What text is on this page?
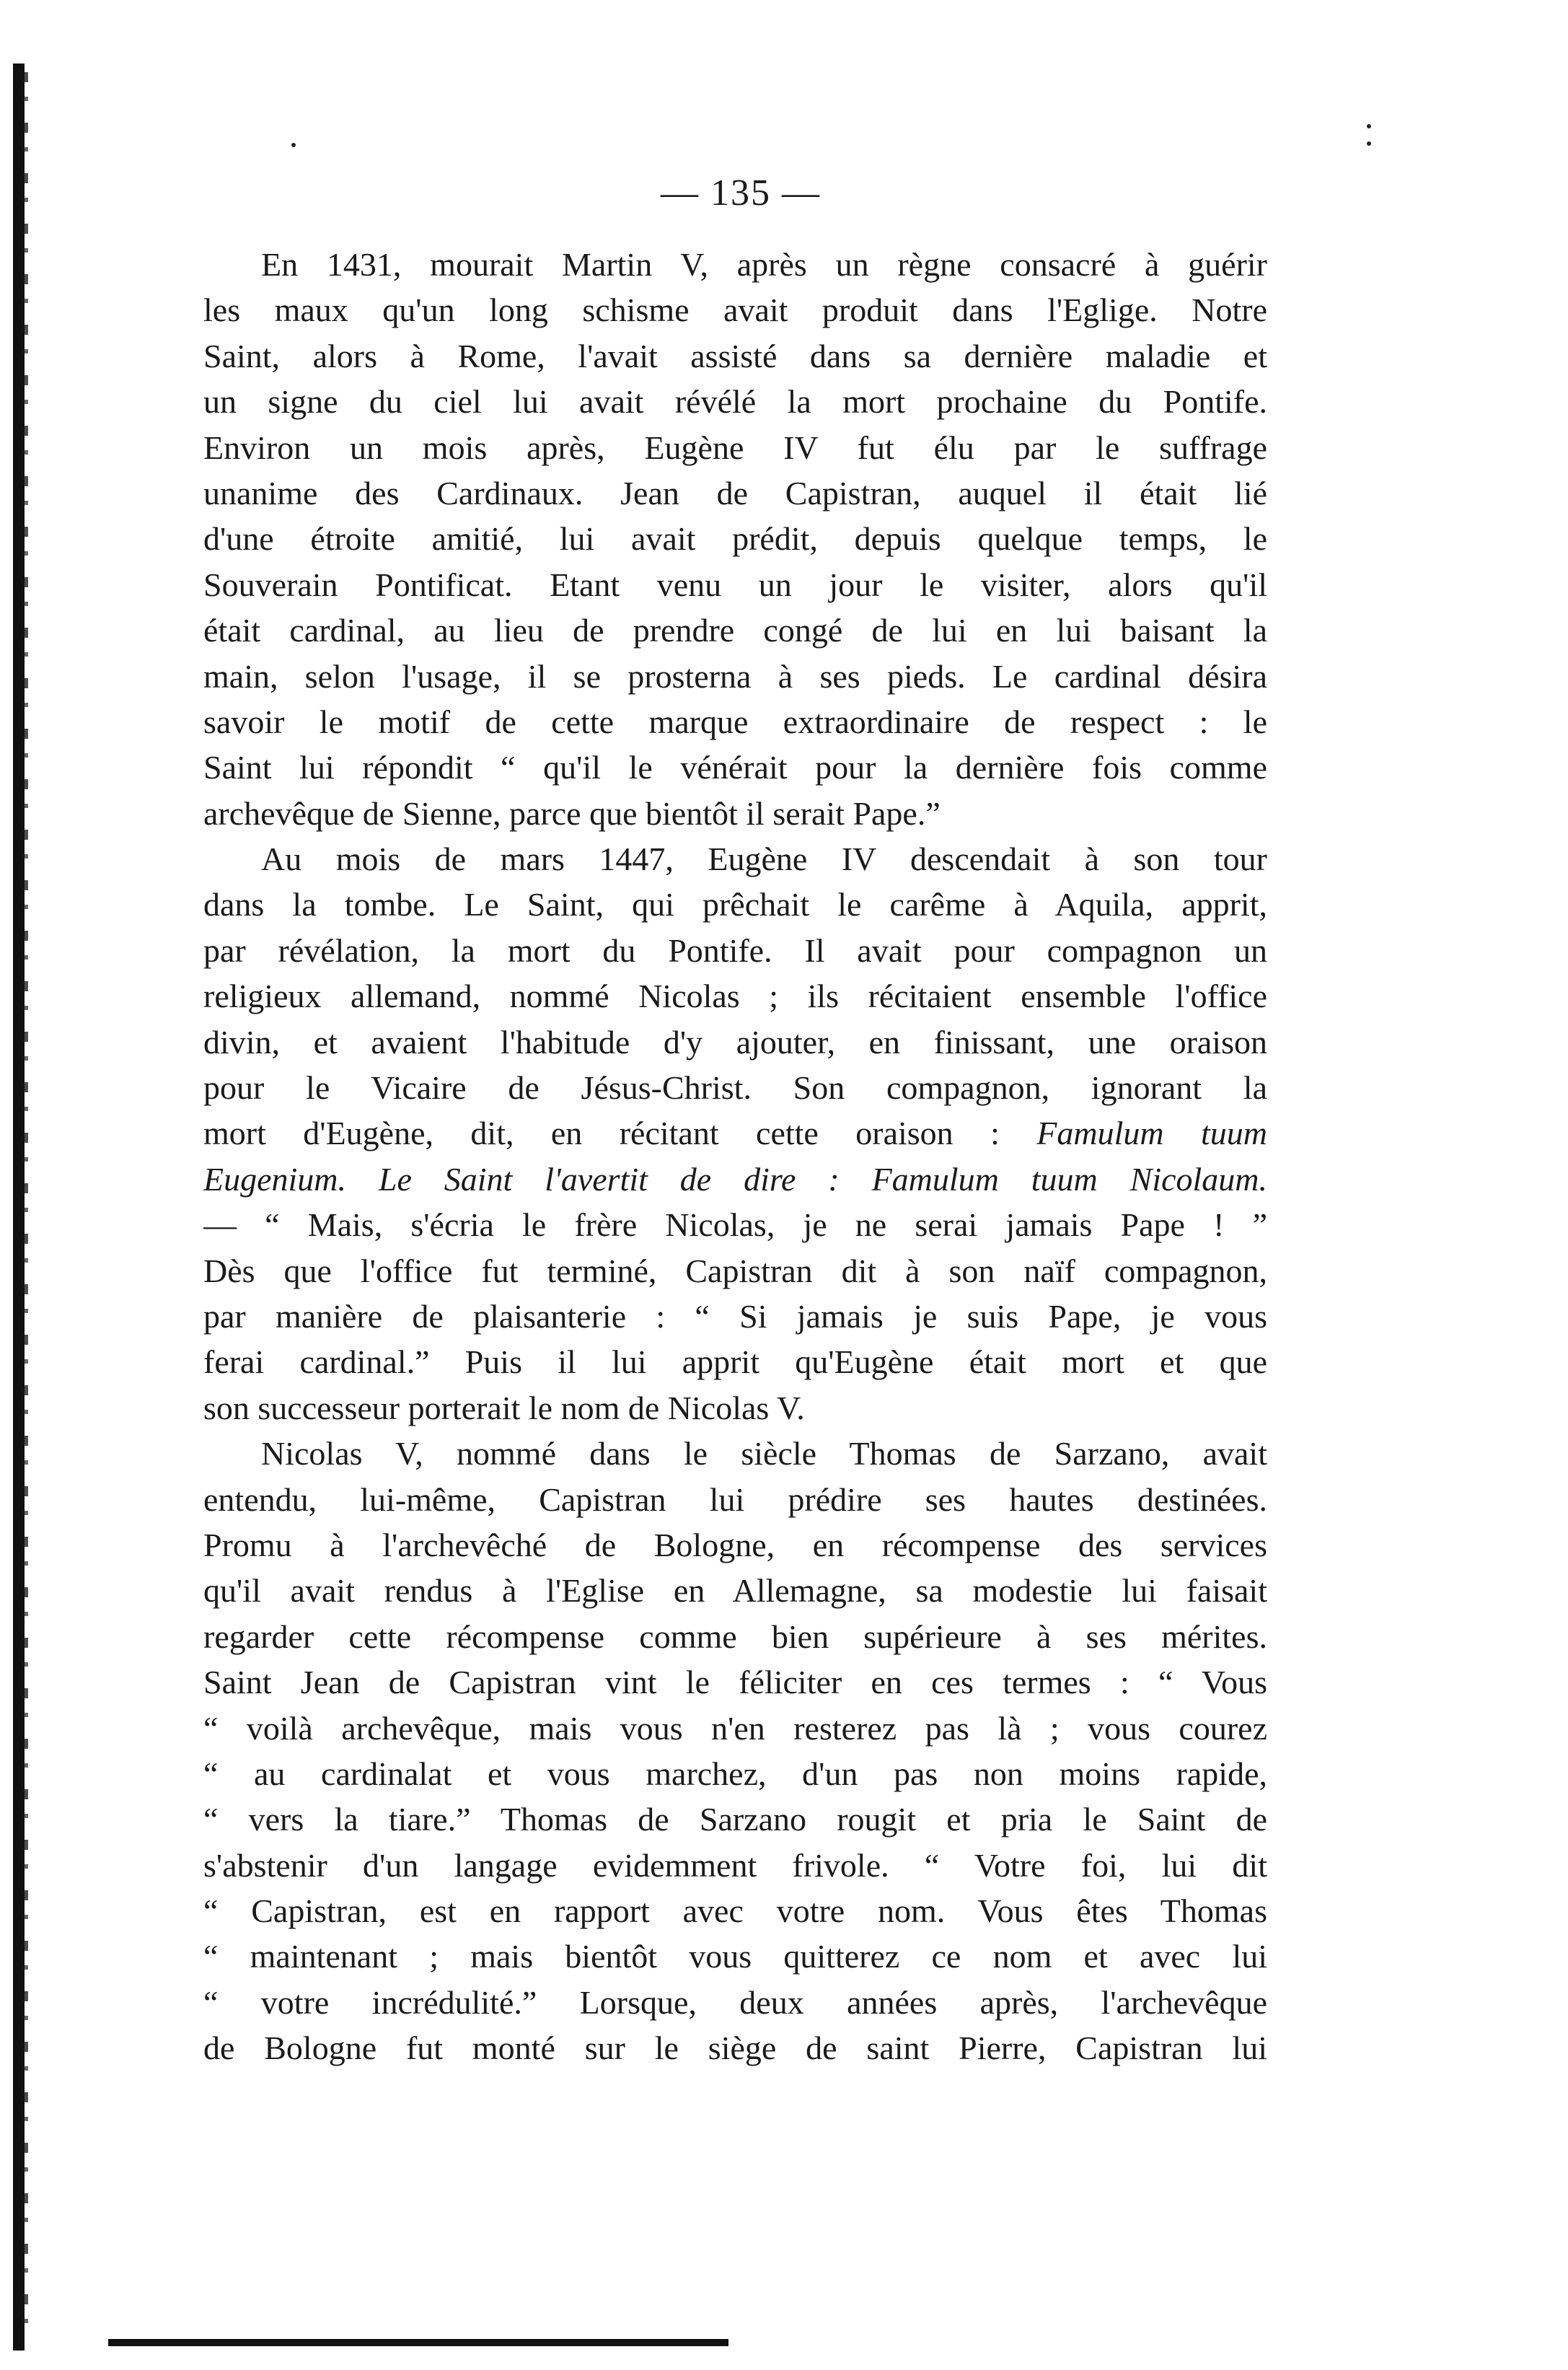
— 135 —
En 1431, mourait Martin V, après un règne consacré à guérir
les maux qu'un long schisme avait produit dans l'Eglige. Notre
Saint, alors à Rome, l'avait assisté dans sa dernière maladie et
un signe du ciel lui avait révélé la mort prochaine du Pontife.
Environ un mois après, Eugène IV fut élu par le suffrage
unanime des Cardinaux. Jean de Capistran, auquel il était lié
d'une étroite amitié, lui avait prédit, depuis quelque temps, le
Souverain Pontificat. Etant venu un jour le visiter, alors qu'il
était cardinal, au lieu de prendre congé de lui en lui baisant la
main, selon l'usage, il se prosterna à ses pieds. Le cardinal désira
savoir le motif de cette marque extraordinaire de respect : le
Saint lui répondit “ qu'il le vénérait pour la dernière fois comme
archevêque de Sienne, parce que bientôt il serait Pape.”
Au mois de mars 1447, Eugène IV descendait à son tour
dans la tombe. Le Saint, qui prêchait le carême à Aquila, apprit,
par révélation, la mort du Pontife. Il avait pour compagnon un
religieux allemand, nommé Nicolas ; ils récitaient ensemble l'office
divin, et avaient l'habitude d'y ajouter, en finissant, une oraison
pour le Vicaire de Jésus-Christ. Son compagnon, ignorant la
mort d'Eugène, dit, en récitant cette oraison : Famulum tuum
Eugenium. Le Saint l'avertit de dire : Famulum tuum Nicolaum.
— “ Mais, s'écria le frère Nicolas, je ne serai jamais Pape ! ”
Dès que l'office fut terminé, Capistran dit à son naïf compagnon,
par manière de plaisanterie : “ Si jamais je suis Pape, je vous
ferai cardinal.” Puis il lui apprit qu'Eugène était mort et que
son successeur porterait le nom de Nicolas V.
Nicolas V, nommé dans le siècle Thomas de Sarzano, avait
entendu, lui-même, Capistran lui prédire ses hautes destinées.
Promu à l'archevêché de Bologne, en récompense des services
qu'il avait rendus à l'Eglise en Allemagne, sa modestie lui faisait
regarder cette récompense comme bien supérieure à ses mérites.
Saint Jean de Capistran vint le féliciter en ces termes : “ Vous
“ voilà archevêque, mais vous n'en resterez pas là ; vous courez
“ au cardinalat et vous marchez, d'un pas non moins rapide,
“ vers la tiare.” Thomas de Sarzano rougit et pria le Saint de
s'abstenir d'un langage evidemment frivole. “ Votre foi, lui dit
“ Capistran, est en rapport avec votre nom. Vous êtes Thomas
“ maintenant ; mais bientôt vous quitterez ce nom et avec lui
“ votre incrédulité.” Lorsque, deux années après, l'archevêque
de Bologne fut monté sur le siège de saint Pierre, Capistran lui
